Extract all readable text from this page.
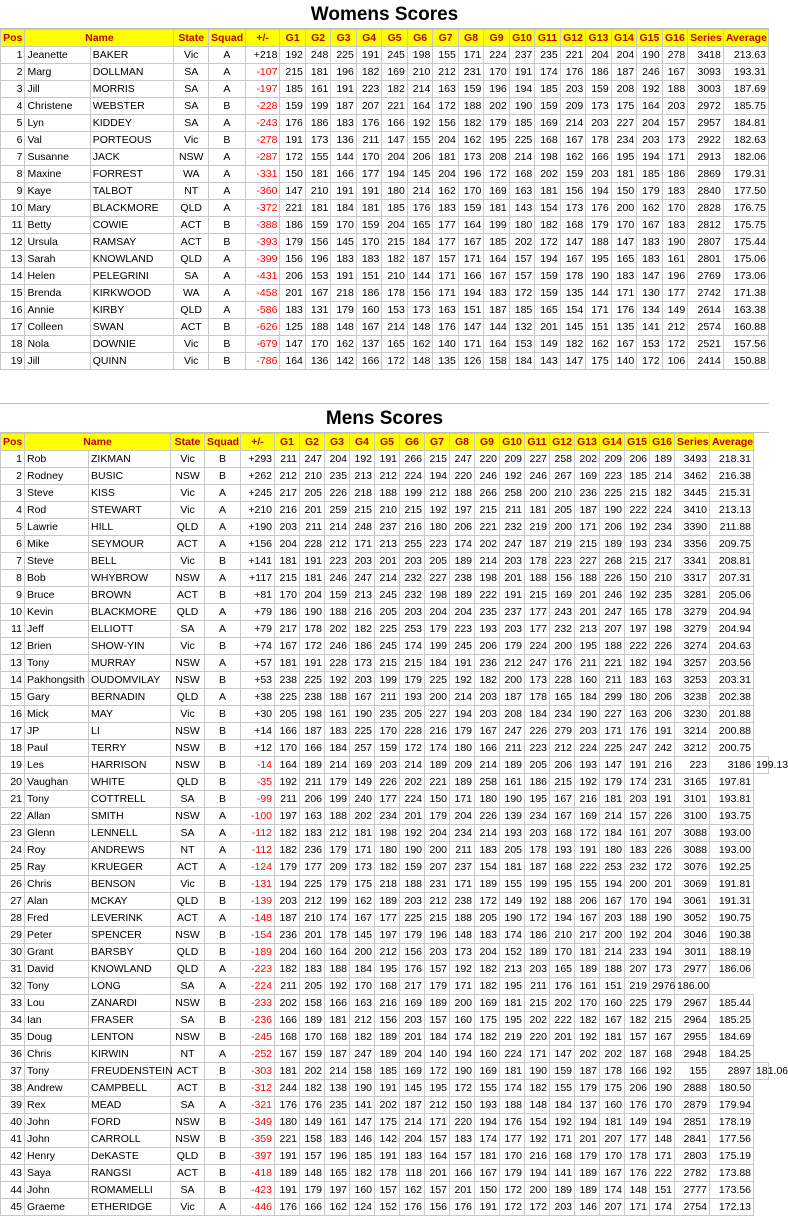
Womens Scores
Pos	Name		State	Squad	+/-	G1	G2	G3	G4	G5	G6	G7	G8	G9	G10	G11	G12	G13	G14	G15	G16	Series	Average
1	Jeanette	BAKER	Vic	A	+218	192	248	225	191	245	198	155	171	224	237	235	221	204	204	190	278	3418	213.63
2	Marg	DOLLMAN	SA	A	-107	215	181	196	182	169	210	212	231	170	191	174	176	186	187	246	167	3093	193.31
3	Jill	MORRIS	SA	A	-197	185	161	191	223	182	214	163	159	196	194	185	203	159	208	192	188	3003	187.69
4	Christene	WEBSTER	SA	B	-228	159	199	187	207	221	164	172	188	202	190	159	209	173	175	164	203	2972	185.75
5	Lyn	KIDDEY	SA	A	-243	176	186	183	176	166	192	156	182	179	185	169	214	203	227	204	157	2957	184.81
6	Val	PORTEOUS	Vic	B	-278	191	173	136	211	147	155	204	162	195	225	168	167	178	234	203	173	2922	182.63
7	Susanne	JACK	NSW	A	-287	172	155	144	170	204	206	181	173	208	214	198	162	166	195	194	171	2913	182.06
8	Maxine	FORREST	WA	A	-331	150	181	166	177	194	145	204	196	172	168	202	159	203	181	185	186	2869	179.31
9	Kaye	TALBOT	NT	A	-360	147	210	191	191	180	214	162	170	169	163	181	156	194	150	179	183	2840	177.50
10	Mary	BLACKMORE	QLD	A	-372	221	181	184	181	185	176	183	159	181	143	154	173	176	200	162	170	2828	176.75
11	Betty	COWIE	ACT	B	-388	186	159	170	159	204	165	177	164	199	180	182	168	179	170	167	183	2812	175.75
12	Ursula	RAMSAY	ACT	B	-393	179	156	145	170	215	184	177	167	185	202	172	147	188	147	183	190	2807	175.44
13	Sarah	KNOWLAND	QLD	A	-399	156	196	183	183	182	187	157	171	164	157	194	167	195	165	183	161	2801	175.06
14	Helen	PELEGRINI	SA	A	-431	206	153	191	151	210	144	171	166	167	157	159	178	190	183	147	196	2769	173.06
15	Brenda	KIRKWOOD	WA	A	-458	201	167	218	186	178	156	171	194	183	172	159	135	144	171	130	177	2742	171.38
16	Annie	KIRBY	QLD	A	-586	183	131	179	160	153	173	163	151	187	185	165	154	171	176	134	149	2614	163.38
17	Colleen	SWAN	ACT	B	-626	125	188	148	167	214	148	176	147	144	132	201	145	151	135	141	212	2574	160.88
18	Nola	DOWNIE	Vic	B	-679	147	170	162	137	165	162	140	171	164	153	149	182	162	167	153	172	2521	157.56
19	Jill	QUINN	Vic	B	-786	164	136	142	166	172	148	135	126	158	184	143	147	175	140	172	106	2414	150.88
Mens Scores
Pos	Name		State	Squad	+/-	G1	G2	G3	G4	G5	G6	G7	G8	G9	G10	G11	G12	G13	G14	G15	G16	Series	Average	
1	Rob	ZIKMAN	Vic	B	+293	211	247	204	192	191	266	215	247	220	209	227	258	202	209	206	189	3493	218.31	
2	Rodney	BUSIC	NSW	B	+262	212	210	235	213	212	224	194	220	246	192	246	267	169	223	185	214	3462	216.38	
3	Steve	KISS	Vic	A	+245	217	205	226	218	188	199	212	188	266	258	200	210	236	225	215	182	3445	215.31	
4	Rod	STEWART	Vic	A	+210	216	201	259	215	210	215	192	197	215	211	181	205	187	190	222	224	3410	213.13	
5	Lawrie	HILL	QLD	A	+190	203	211	214	248	237	216	180	206	221	232	219	200	171	206	192	234	3390	211.88	
6	Mike	SEYMOUR	ACT	A	+156	204	228	212	171	213	255	223	174	202	247	187	219	215	189	193	234	3356	209.75	
7	Steve	BELL	Vic	B	+141	181	191	223	203	201	203	205	189	214	203	178	223	227	268	215	217	3341	208.81	
8	Bob	WHYBROW	NSW	A	+117	215	181	246	247	214	232	227	238	198	201	188	156	188	226	150	210	3317	207.31	
9	Bruce	BROWN	ACT	B	+81	170	204	159	213	245	232	198	189	222	191	215	169	201	246	192	235	3281	205.06	
10	Kevin	BLACKMORE	QLD	A	+79	186	190	188	216	205	203	204	204	235	237	177	243	201	247	165	178	3279	204.94	
11	Jeff	ELLIOTT	SA	A	+79	217	178	202	182	225	253	179	223	193	203	177	232	213	207	197	198	3279	204.94	
12	Brien	SHOW-YIN	Vic	B	+74	167	172	246	186	245	174	199	245	206	179	224	200	195	188	222	226	3274	204.63	
13	Tony	MURRAY	NSW	A	+57	181	191	228	173	215	215	184	191	236	212	247	176	211	221	182	194	3257	203.56	
14	Pakhongsith	OUDOMVILAY	NSW	B	+53	238	225	192	203	199	179	225	192	182	200	173	228	160	211	183	163	3253	203.31	
15	Gary	BERNADIN	QLD	A	+38	225	238	188	167	211	193	200	214	203	187	178	165	184	299	180	206	3238	202.38	
16	Mick	MAY	Vic	B	+30	205	198	161	190	235	205	227	194	203	208	184	234	190	227	163	206	3230	201.88	
17	JP	LI	NSW	B	+14	166	187	183	225	170	228	216	179	167	247	226	279	203	171	176	191	3214	200.88	
18	Paul	TERRY	NSW	B	+12	170	166	184	257	159	172	174	180	166	211	223	212	224	225	247	242	3212	200.75	
19	Les	HARRISON	NSW	B	-14	164	189	214	169	203	214	189	209	214	189	205	206	193	147	191	216	223	3186	199.13
20	Vaughan	WHITE	QLD	B	-35	192	211	179	149	226	202	221	189	258	161	186	215	192	179	174	231	3165	197.81	
21	Tony	COTTRELL	SA	B	-99	211	206	199	240	177	224	150	171	180	190	195	167	216	181	203	191	3101	193.81	
22	Allan	SMITH	NSW	A	-100	197	163	188	202	234	201	179	204	226	139	234	167	169	214	157	226	3100	193.75	
23	Glenn	LENNELL	SA	A	-112	182	183	212	181	198	192	204	234	214	193	203	168	172	184	161	207	3088	193.00	
24	Roy	ANDREWS	NT	A	-112	182	236	179	171	180	190	200	211	183	205	178	193	191	180	183	226	3088	193.00	
25	Ray	KRUEGER	ACT	A	-124	179	177	209	173	182	159	207	237	154	181	187	168	222	253	232	172	3076	192.25	
26	Chris	BENSON	Vic	B	-131	194	225	179	175	218	188	231	171	189	155	199	195	155	194	200	201	3069	191.81	
27	Alan	MCKAY	QLD	B	-139	203	212	199	162	189	203	212	238	172	149	192	188	206	167	170	194	3061	191.31	
28	Fred	LEVERINK	ACT	A	-148	187	210	174	167	177	225	215	188	205	190	172	194	167	203	188	190	3052	190.75	
29	Peter	SPENCER	NSW	B	-154	236	201	178	145	197	179	196	148	183	174	186	210	217	200	192	204	3046	190.38	
30	Grant	BARSBY	QLD	B	-189	204	160	164	200	212	156	203	173	204	152	189	170	181	214	233	194	3011	188.19	
31	David	KNOWLAND	QLD	A	-223	182	183	188	184	195	176	157	192	182	213	203	165	189	188	207	173	2977	186.06	
32	Tony	LONG	SA	A	-224	211	205	192	170	168	217	179	171	182	195	211	176	161	151	219	2976	186.00		
33	Lou	ZANARDI	NSW	B	-233	202	158	166	163	216	169	189	200	169	181	215	202	170	160	225	179	2967	185.44	
34	Ian	FRASER	SA	B	-236	166	189	181	212	156	203	157	160	175	195	202	222	182	167	182	215	2964	185.25	
35	Doug	LENTON	NSW	B	-245	168	170	168	182	189	201	184	174	182	219	220	201	192	181	157	167	2955	184.69	
36	Chris	KIRWIN	NT	A	-252	167	159	187	247	189	204	140	194	160	224	171	147	202	202	187	168	2948	184.25	
37	Tony	FREUDENSTEIN	ACT	B	-303	181	202	214	158	185	169	172	190	169	181	190	159	187	178	166	192	155	2897	181.06
38	Andrew	CAMPBELL	ACT	B	-312	244	182	138	190	191	145	195	172	155	174	182	155	179	175	206	190	2888	180.50	
39	Rex	MEAD	SA	A	-321	176	176	235	141	202	187	212	150	193	188	148	184	137	160	176	170	2879	179.94	
40	John	FORD	NSW	B	-349	180	149	161	147	175	214	171	220	194	176	154	192	194	181	149	194	2851	178.19	
41	John	CARROLL	NSW	B	-359	221	158	183	146	142	204	157	183	174	177	192	171	201	207	177	148	2841	177.56	
42	Henry	DeKASTE	QLD	B	-397	191	157	196	185	191	183	164	157	181	170	216	168	179	170	178	171	2803	175.19	
43	Saya	RANGSI	ACT	B	-418	189	148	165	182	178	118	201	166	167	179	194	141	189	167	176	222	2782	173.88	
44	John	ROMAMELLI	SA	B	-423	191	179	197	160	157	162	157	201	150	172	200	189	189	174	148	151	2777	173.56	
45	Graeme	ETHERIDGE	Vic	A	-446	176	166	162	124	152	176	156	176	191	172	172	203	146	207	171	174	2754	172.13	
